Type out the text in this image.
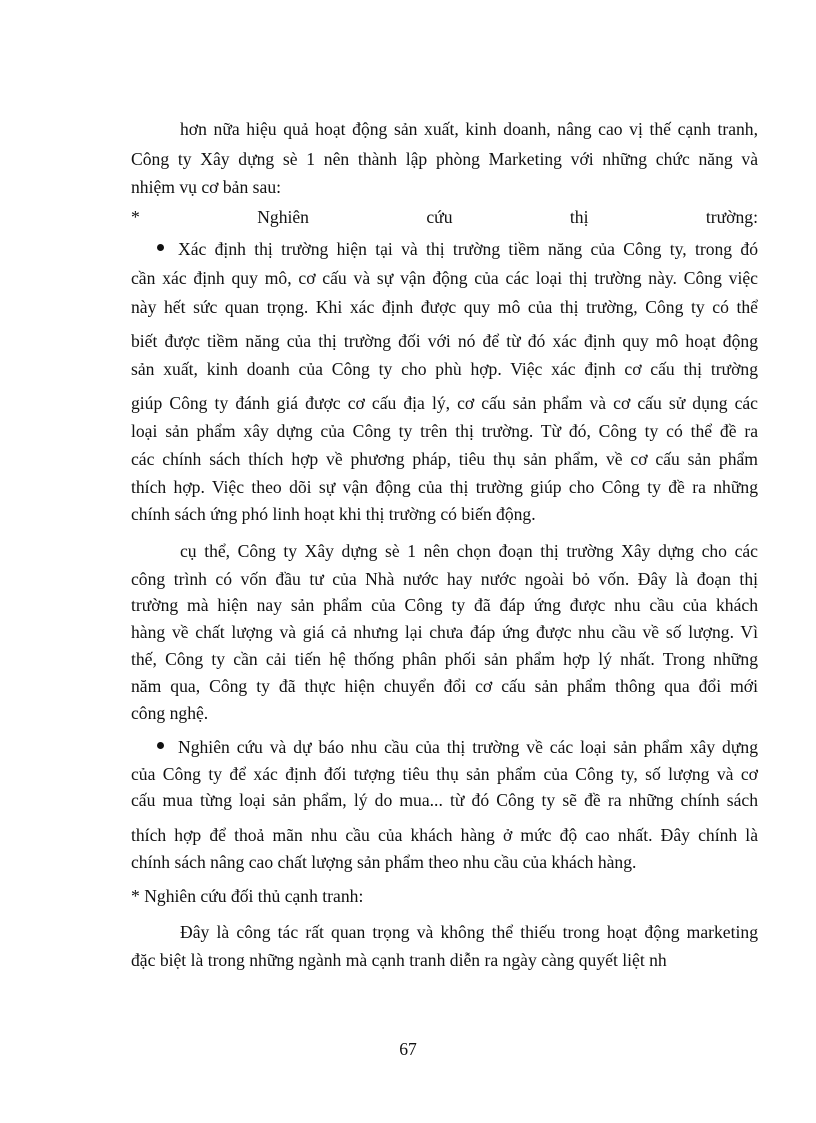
hơn nữa hiệu quả hoạt động sản xuất, kinh doanh, nâng cao vị thế cạnh tranh,
Công ty Xây dựng sè 1 nên thành lập phòng Marketing với những chức năng và
nhiệm vụ cơ bản sau:
*	Nghiên	cứu	thị	trường:
Xác định thị trường hiện tại và thị trường tiềm năng của Công ty, trong đó
cần xác định quy mô, cơ cấu và sự vận động của các loại thị trường này. Công việc
này hết sức quan trọng. Khi xác định được quy mô của thị trường, Công ty có thể
biết được tiềm năng của thị trường đối với nó để từ đó xác định quy mô hoạt động
sản xuất, kinh doanh của Công ty cho phù hợp. Việc xác định cơ cấu thị trường
giúp Công ty đánh giá được cơ cấu địa lý, cơ cấu sản phẩm và cơ cấu sử dụng các
loại sản phẩm xây dựng của Công ty trên thị trường. Từ đó, Công ty có thể đề ra
các chính sách thích hợp về phương pháp, tiêu thụ sản phẩm, về cơ cấu sản phẩm
thích hợp. Việc theo dõi sự vận động của thị trường giúp cho Công ty đề ra những
chính sách ứng phó linh hoạt khi thị trường có biến động.
cụ thể, Công ty Xây dựng sè 1 nên chọn đoạn thị trường Xây dựng cho các
công trình có vốn đầu tư của Nhà nước hay nước ngoài bỏ vốn. Đây là đoạn thị
trường mà hiện nay sản phẩm của Công ty đã đáp ứng được nhu cầu của khách
hàng về chất lượng và giá cả nhưng lại chưa đáp ứng được nhu cầu về số lượng. Vì
thế, Công ty cần cải tiến hệ thống phân phối sản phẩm hợp lý nhất. Trong những
năm qua, Công ty đã thực hiện chuyển đổi cơ cấu sản phẩm thông qua đổi mới
công nghệ.
Nghiên cứu và dự báo nhu cầu của thị trường về các loại sản phẩm xây dựng
của Công ty để xác định đối tượng tiêu thụ sản phẩm của Công ty, số lượng và cơ
cấu mua từng loại sản phẩm, lý do mua... từ đó Công ty sẽ đề ra những chính sách
thích hợp để thoả mãn nhu cầu của khách hàng ở mức độ cao nhất. Đây chính là
chính sách nâng cao chất lượng sản phẩm theo nhu cầu của khách hàng.
* Nghiên cứu đối thủ cạnh tranh:
Đây là công tác rất quan trọng và không thể thiếu trong hoạt động marketing
đặc biệt là trong những ngành mà cạnh tranh diễn ra ngày càng quyết liệt nh
67
